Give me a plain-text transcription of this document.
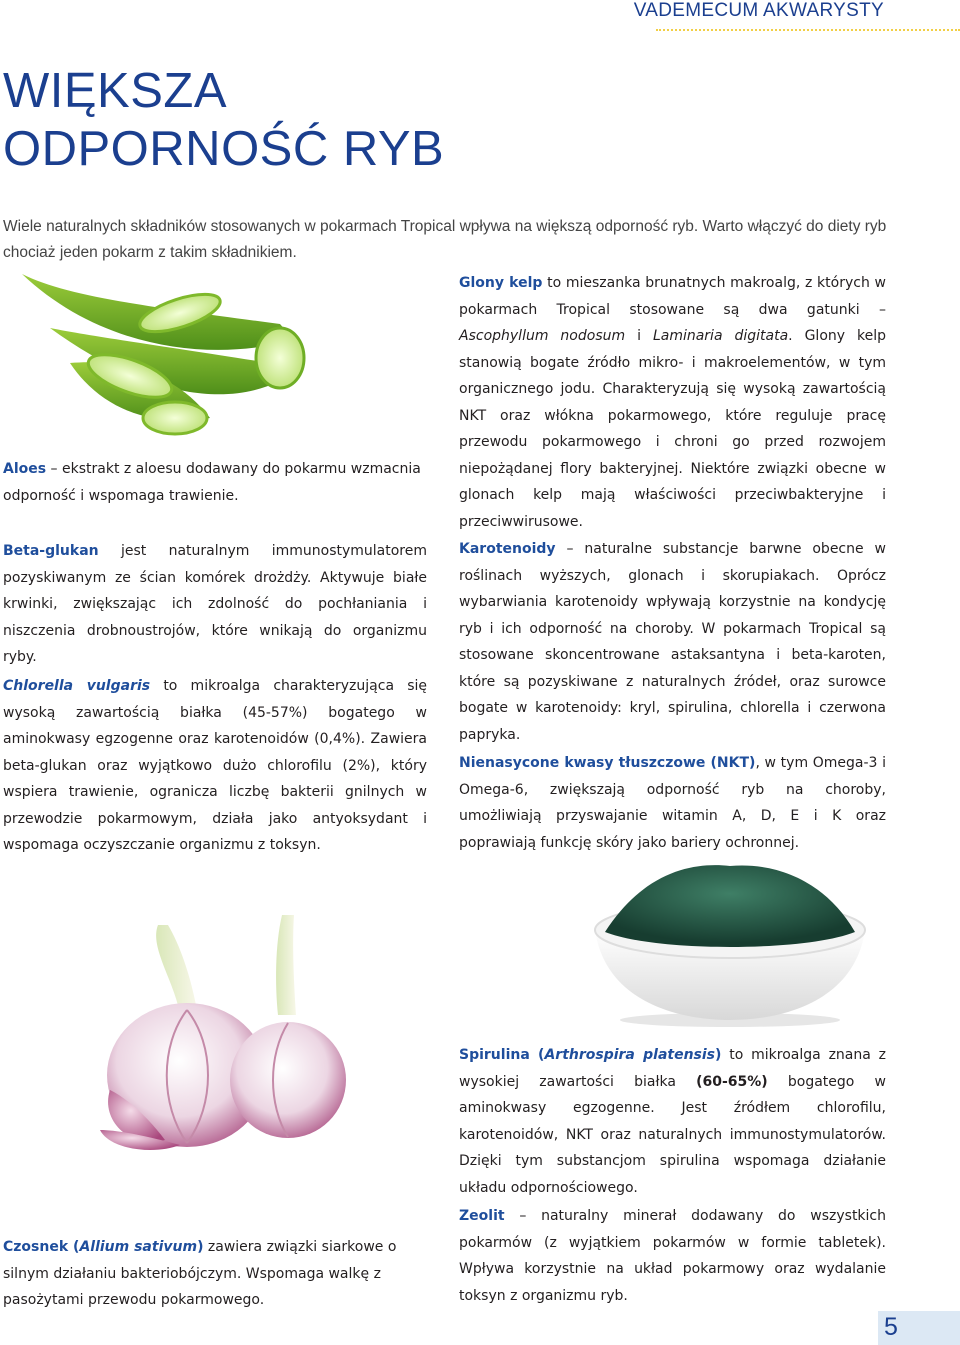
VADEMECUM AKWARYSTY
WIĘKSZA
ODPORNOŚĆ RYB

Wiele naturalnych składników stosowanych w pokarmach Tropical wpływa na większą odporność ryb. Warto włączyć do diety ryb chociaż jeden pokarm z takim składnikiem.

Aloes – ekstrakt z aloesu dodawany do pokarmu wzmacnia odporność i wspomaga trawienie.

Glony kelp to mieszanka brunatnych makroalg, z których w pokarmach Tropical stosowane są dwa gatunki – Ascophyllum nodosum i Laminaria digitata. Glony kelp stanowią bogate źródło mikro- i makroelementów, w tym organicznego jodu. Charakteryzują się wysoką zawartością NKT oraz włókna pokarmowego, które reguluje pracę przewodu pokarmowego i chroni go przed rozwojem niepożądanej flory bakteryjnej. Niektóre związki obecne w glonach kelp mają właściwości przeciwbakteryjne i przeciwwirusowe.

Beta-glukan jest naturalnym immunostymulatorem pozyskiwanym ze ścian komórek drożdży. Aktywuje białe krwinki, zwiększając ich zdolność do pochłaniania i niszczenia drobnoustrojów, które wnikają do organizmu ryby.

Chlorella vulgaris to mikroalga charakteryzująca się wysoką zawartością białka (45-57%) bogatego w aminokwasy egzogenne oraz karotenoidów (0,4%). Zawiera beta-glukan oraz wyjątkowo dużo chlorofilu (2%), który wspiera trawienie, ogranicza liczbę bakterii gnilnych w przewodzie pokarmowym, działa jako antyoksydant i wspomaga oczyszczanie organizmu z toksyn.

Karotenoidy – naturalne substancje barwne obecne w roślinach wyższych, glonach i skorupiakach. Oprócz wybarwiania karotenoidy wpływają korzystnie na kondycję ryb i ich odporność na choroby. W pokarmach Tropical są stosowane skoncentrowane astaksantyna i beta-karoten, które są pozyskiwane z naturalnych źródeł, oraz surowce bogate w karotenoidy: kryl, spirulina, chlorella i czerwona papryka.

Nienasycone kwasy tłuszczowe (NKT), w tym Omega-3 i Omega-6, zwiększają odporność ryb na choroby, umożliwiają przyswajanie witamin A, D, E i K oraz poprawiają funkcję skóry jako bariery ochronnej.

Spirulina (Arthrospira platensis) to mikroalga znana z wysokiej zawartości białka (60-65%) bogatego w aminokwasy egzogenne. Jest źródłem chlorofilu, karotenoidów, NKT oraz naturalnych immunostymulatorów. Dzięki tym substancjom spirulina wspomaga działanie układu odpornościowego.

Czosnek (Allium sativum) zawiera związki siarkowe o silnym działaniu bakteriobójczym. Wspomaga walkę z pasożytami przewodu pokarmowego.

Zeolit – naturalny minerał dodawany do wszystkich pokarmów (z wyjątkiem pokarmów w formie tabletek). Wpływa korzystnie na układ pokarmowy oraz wydalanie toksyn z organizmu ryb.

5
